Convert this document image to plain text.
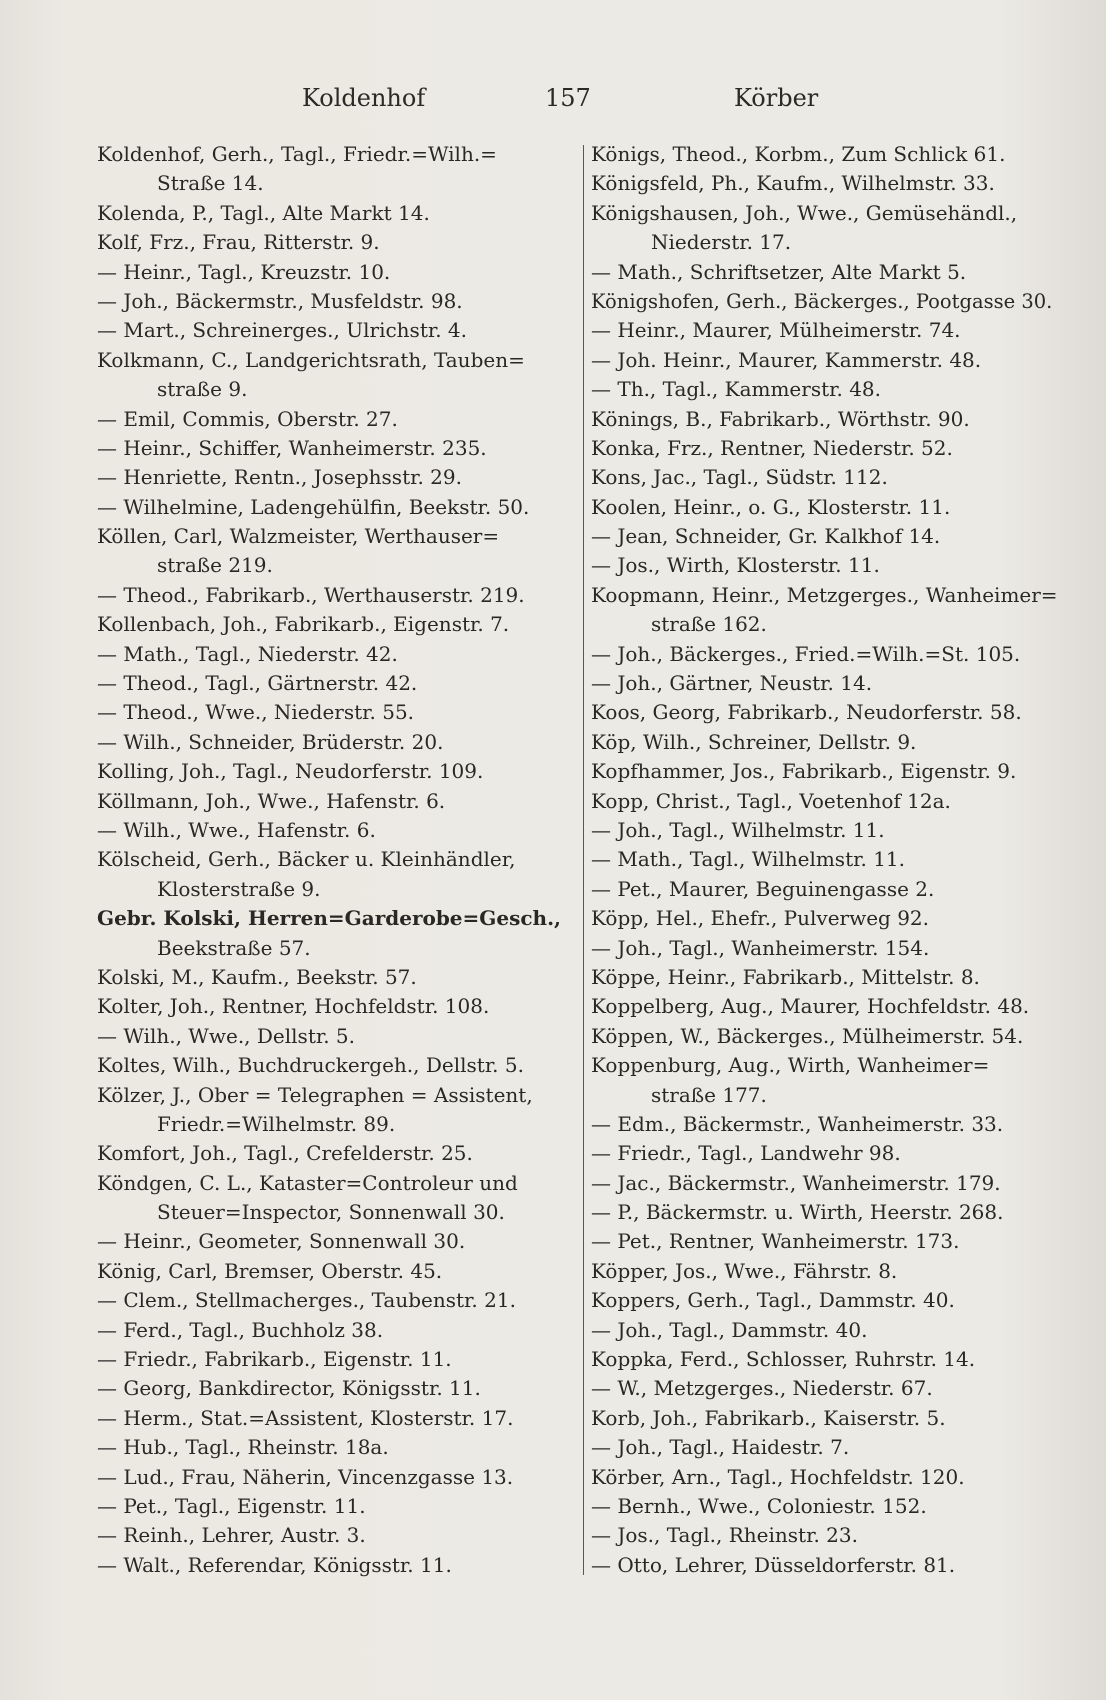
Koldenhof	157	Körber
Koldenhof, Gerh., Tagl., Friedr.=Wilh.=
Straße 14.
Kolenda, P., Tagl., Alte Markt 14.
Kolf, Frz., Frau, Ritterstr. 9.
— Heinr., Tagl., Kreuzstr. 10.
— Joh., Bäckermstr., Musfeldstr. 98.
— Mart., Schreinerges., Ulrichstr. 4.
Kolkmann, C., Landgerichtsrath, Tauben=
straße 9.
— Emil, Commis, Oberstr. 27.
— Heinr., Schiffer, Wanheimerstr. 235.
— Henriette, Rentn., Josephsstr. 29.
— Wilhelmine, Ladengehülfin, Beekstr. 50.
Köllen, Carl, Walzmeister, Werthauser=
straße 219.
— Theod., Fabrikarb., Werthauserstr. 219.
Kollenbach, Joh., Fabrikarb., Eigenstr. 7.
— Math., Tagl., Niederstr. 42.
— Theod., Tagl., Gärtnerstr. 42.
— Theod., Wwe., Niederstr. 55.
— Wilh., Schneider, Brüderstr. 20.
Kolling, Joh., Tagl., Neudorferstr. 109.
Köllmann, Joh., Wwe., Hafenstr. 6.
— Wilh., Wwe., Hafenstr. 6.
Kölscheid, Gerh., Bäcker u. Kleinhändler,
Klosterstraße 9.
Gebr. Kolski, Herren=Garderobe=Gesch.,
Beekstraße 57.
Kolski, M., Kaufm., Beekstr. 57.
Kolter, Joh., Rentner, Hochfeldstr. 108.
— Wilh., Wwe., Dellstr. 5.
Koltes, Wilh., Buchdruckergeh., Dellstr. 5.
Kölzer, J., Ober = Telegraphen = Assistent,
Friedr.=Wilhelmstr. 89.
Komfort, Joh., Tagl., Crefelderstr. 25.
Köndgen, C. L., Kataster=Controleur und
Steuer=Inspector, Sonnenwall 30.
— Heinr., Geometer, Sonnenwall 30.
König, Carl, Bremser, Oberstr. 45.
— Clem., Stellmacherges., Taubenstr. 21.
— Ferd., Tagl., Buchholz 38.
— Friedr., Fabrikarb., Eigenstr. 11.
— Georg, Bankdirector, Königsstr. 11.
— Herm., Stat.=Assistent, Klosterstr. 17.
— Hub., Tagl., Rheinstr. 18a.
— Lud., Frau, Näherin, Vincenzgasse 13.
— Pet., Tagl., Eigenstr. 11.
— Reinh., Lehrer, Austr. 3.
— Walt., Referendar, Königsstr. 11.
Königs, Theod., Korbm., Zum Schlick 61.
Königsfeld, Ph., Kaufm., Wilhelmstr. 33.
Königshausen, Joh., Wwe., Gemüsehändl.,
Niederstr. 17.
— Math., Schriftsetzer, Alte Markt 5.
Königshofen, Gerh., Bäckerges., Pootgasse 30.
— Heinr., Maurer, Mülheimerstr. 74.
— Joh. Heinr., Maurer, Kammerstr. 48.
— Th., Tagl., Kammerstr. 48.
Könings, B., Fabrikarb., Wörthstr. 90.
Konka, Frz., Rentner, Niederstr. 52.
Kons, Jac., Tagl., Südstr. 112.
Koolen, Heinr., o. G., Klosterstr. 11.
— Jean, Schneider, Gr. Kalkhof 14.
— Jos., Wirth, Klosterstr. 11.
Koopmann, Heinr., Metzgerges., Wanheimer=
straße 162.
— Joh., Bäckerges., Fried.=Wilh.=St. 105.
— Joh., Gärtner, Neustr. 14.
Koos, Georg, Fabrikarb., Neudorferstr. 58.
Köp, Wilh., Schreiner, Dellstr. 9.
Kopfhammer, Jos., Fabrikarb., Eigenstr. 9.
Kopp, Christ., Tagl., Voetenhof 12a.
— Joh., Tagl., Wilhelmstr. 11.
— Math., Tagl., Wilhelmstr. 11.
— Pet., Maurer, Beguinengasse 2.
Köpp, Hel., Ehefr., Pulverweg 92.
— Joh., Tagl., Wanheimerstr. 154.
Köppe, Heinr., Fabrikarb., Mittelstr. 8.
Koppelberg, Aug., Maurer, Hochfeldstr. 48.
Köppen, W., Bäckerges., Mülheimerstr. 54.
Koppenburg, Aug., Wirth, Wanheimer=
straße 177.
— Edm., Bäckermstr., Wanheimerstr. 33.
— Friedr., Tagl., Landwehr 98.
— Jac., Bäckermstr., Wanheimerstr. 179.
— P., Bäckermstr. u. Wirth, Heerstr. 268.
— Pet., Rentner, Wanheimerstr. 173.
Köpper, Jos., Wwe., Fährstr. 8.
Koppers, Gerh., Tagl., Dammstr. 40.
— Joh., Tagl., Dammstr. 40.
Koppka, Ferd., Schlosser, Ruhrstr. 14.
— W., Metzgerges., Niederstr. 67.
Korb, Joh., Fabrikarb., Kaiserstr. 5.
— Joh., Tagl., Haidestr. 7.
Körber, Arn., Tagl., Hochfeldstr. 120.
— Bernh., Wwe., Coloniestr. 152.
— Jos., Tagl., Rheinstr. 23.
— Otto, Lehrer, Düsseldorferstr. 81.
